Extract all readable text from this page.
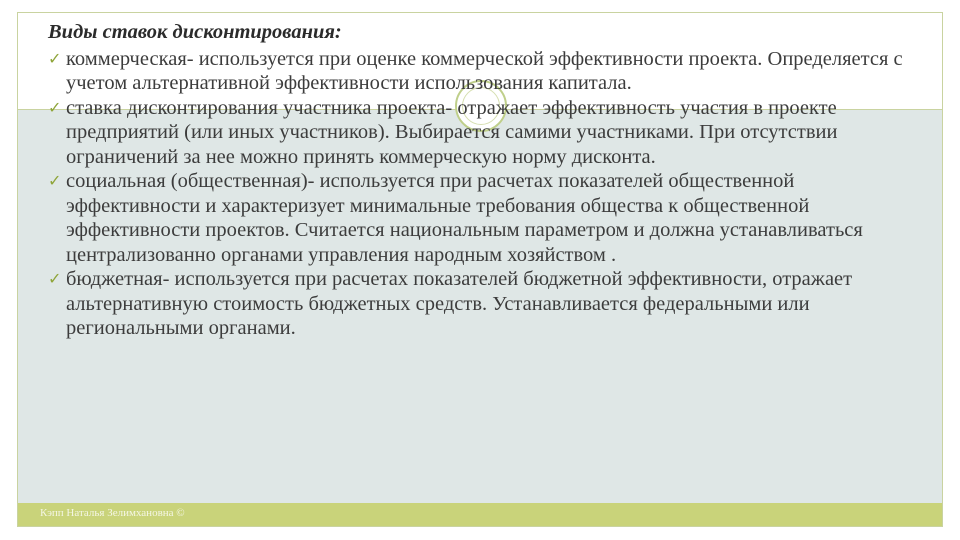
Кэпп Наталья Зелимхановна ©
Виды ставок дисконтирования:
✓ коммерческая- используется при оценке коммерческой эффективности проекта. Определяется с учетом альтернативной эффективности использования капитала.
✓ ставка дисконтирования участника проекта- отражает эффективность участия в проекте предприятий (или иных участников). Выбирается самими участниками. При отсутствии ограничений за нее можно принять коммерческую норму дисконта.
✓ социальная (общественная)- используется при расчетах показателей общественной эффективности и характеризует минимальные требования общества к общественной эффективности проектов. Считается национальным параметром и должна устанавливаться централизованно органами управления народным хозяйством .
✓ бюджетная- используется при расчетах показателей бюджетной эффективности, отражает альтернативную стоимость бюджетных средств. Устанавливается федеральными или региональными органами.
